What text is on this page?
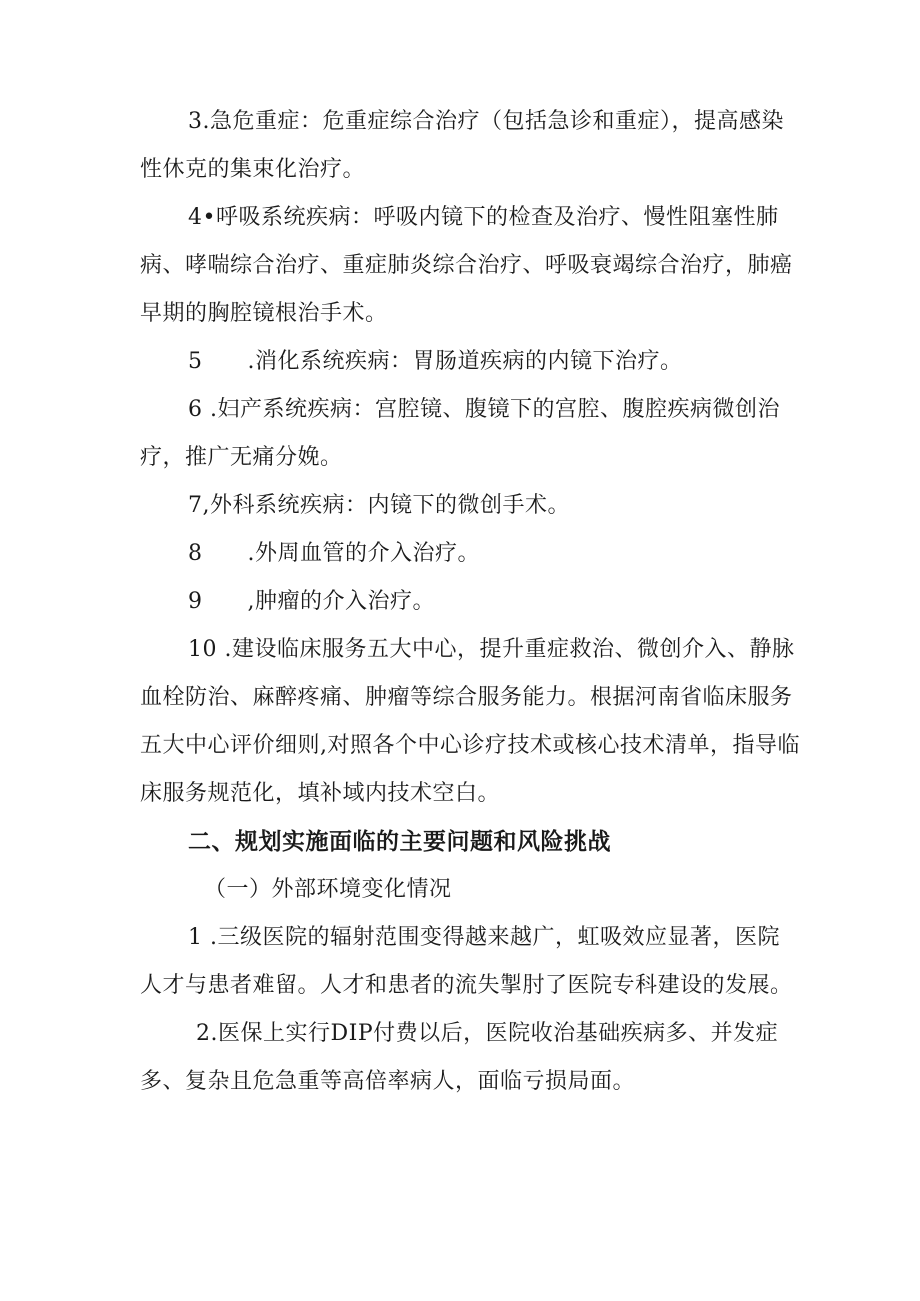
3.急危重症：危重症综合治疗（包括急诊和重症），提高感染性休克的集束化治疗。

4•呼吸系统疾病：呼吸内镜下的检查及治疗、慢性阻塞性肺病、哮喘综合治疗、重症肺炎综合治疗、呼吸衰竭综合治疗，肺癌早期的胸腔镜根治手术。

5　　.消化系统疾病：胃肠道疾病的内镜下治疗。

6 .妇产系统疾病：宫腔镜、腹镜下的宫腔、腹腔疾病微创治疗，推广无痛分娩。

7,外科系统疾病：内镜下的微创手术。

8　　.外周血管的介入治疗。

9　　,肿瘤的介入治疗。

10 .建设临床服务五大中心，提升重症救治、微创介入、静脉血栓防治、麻醉疼痛、肿瘤等综合服务能力。根据河南省临床服务五大中心评价细则,对照各个中心诊疗技术或核心技术清单，指导临床服务规范化，填补域内技术空白。

二、规划实施面临的主要问题和风险挑战

（一）外部环境变化情况

1 .三级医院的辐射范围变得越来越广，虹吸效应显著，医院人才与患者难留。人才和患者的流失掣肘了医院专科建设的发展。

2.医保上实行DIP付费以后，医院收治基础疾病多、并发症多、复杂且危急重等高倍率病人，面临亏损局面。
